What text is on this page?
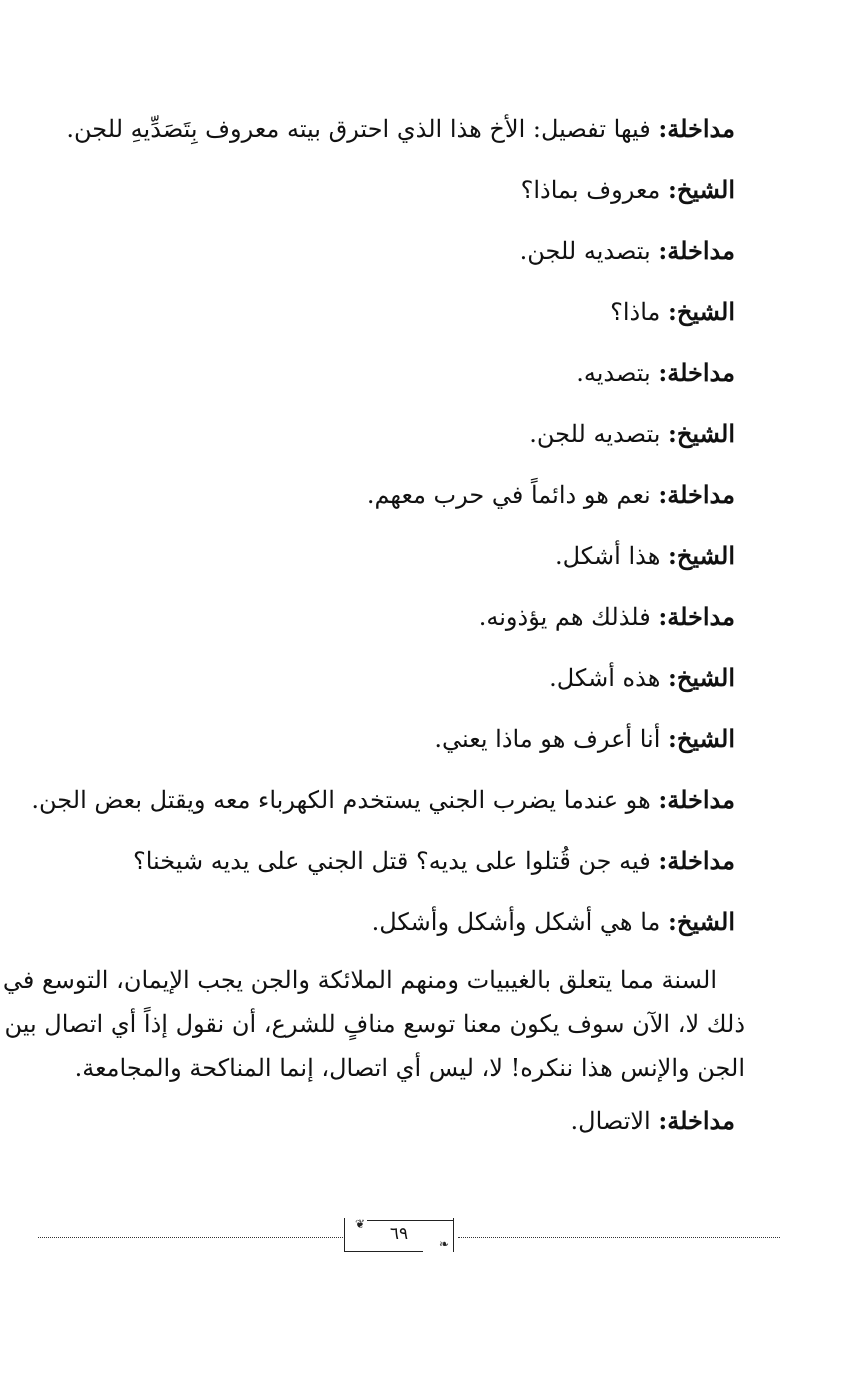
مداخلة: فيها تفصيل: الأخ هذا الذي احترق بيته معروف بِتَصَدِّيهِ للجن.
الشيخ: معروف بماذا؟
مداخلة: بتصديه للجن.
الشيخ: ماذا؟
مداخلة: بتصديه.
الشيخ: بتصديه للجن.
مداخلة: نعم هو دائماً في حرب معهم.
الشيخ: هذا أشكل.
مداخلة: فلذلك هم يؤذونه.
الشيخ: هذه أشكل.
الشيخ: أنا أعرف هو ماذا يعني.
مداخلة: هو عندما يضرب الجني يستخدم الكهرباء معه ويقتل بعض الجن.
مداخلة: فيه جن قُتلوا على يديه؟ قتل الجني على يديه شيخنا؟
الشيخ: ما هي أشكل وأشكل وأشكل.
السنة مما يتعلق بالغيبيات ومنهم الملائكة والجن يجب الإيمان، التوسع في
ذلك لا، الآن سوف يكون معنا توسع منافٍ للشرع، أن نقول إذاً أي اتصال بين
الجن والإنس هذا ننكره! لا، ليس أي اتصال، إنما المناكحة والمجامعة.
مداخلة: الاتصال.
❦	٦٩	❧
